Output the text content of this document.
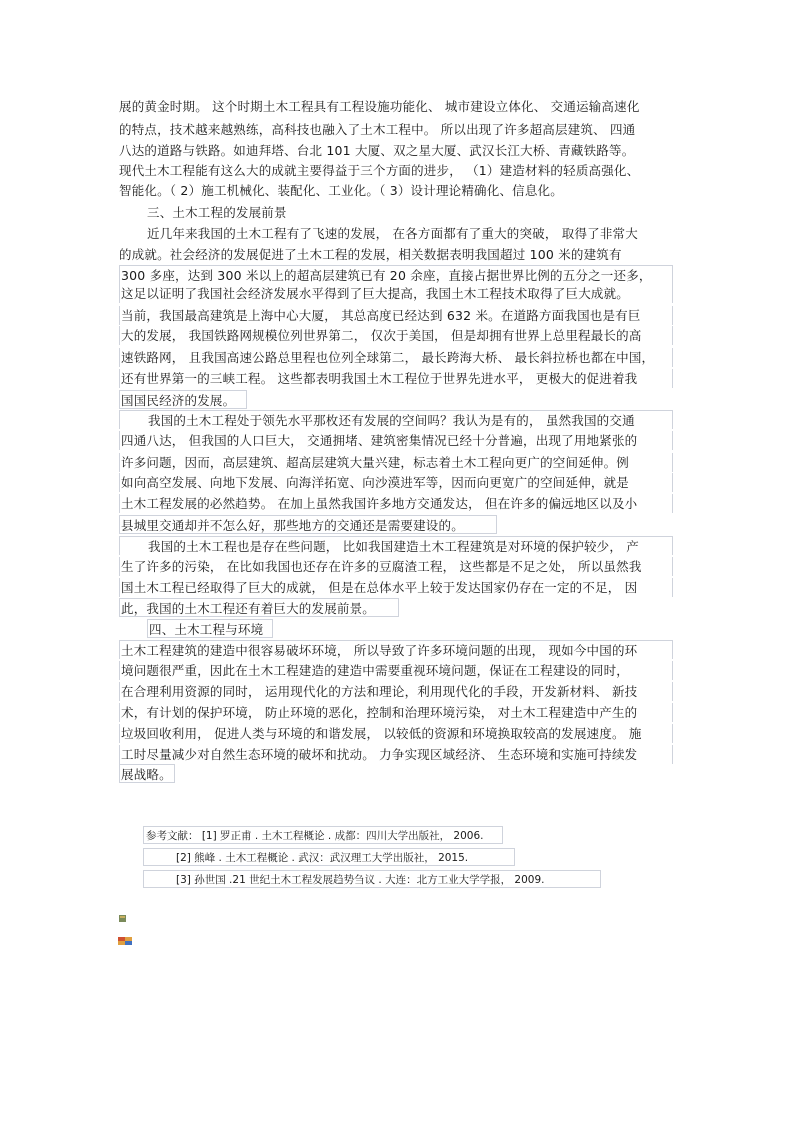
展的黄金时期。 这个时期土木工程具有工程设施功能化、 城市建设立体化、 交通运输高速化
的特点，技术越来越熟练，高科技也融入了土木工程中。 所以出现了许多超高层建筑、 四通
八达的道路与铁路。如迪拜塔、台北 101 大厦、双之星大厦、武汉长江大桥、青藏铁路等。
现代土木工程能有这么大的成就主要得益于三个方面的进步， （1）建造材料的轻质高强化、
智能化。（ 2）施工机械化、装配化、工业化。（ 3）设计理论精确化、信息化。
三、土木工程的发展前景
近几年来我国的土木工程有了飞速的发展， 在各方面都有了重大的突破， 取得了非常大
的成就。社会经济的发展促进了土木工程的发展，相关数据表明我国超过 100 米的建筑有
300 多座，达到 300 米以上的超高层建筑已有 20 余座，直接占据世界比例的五分之一还多，
这足以证明了我国社会经济发展水平得到了巨大提高，我国土木工程技术取得了巨大成就。
当前，我国最高建筑是上海中心大厦， 其总高度已经达到 632 米。在道路方面我国也是有巨
大的发展， 我国铁路网规模位列世界第二， 仅次于美国， 但是却拥有世界上总里程最长的高
速铁路网， 且我国高速公路总里程也位列全球第二， 最长跨海大桥、 最长斜拉桥也都在中国，
还有世界第一的三峡工程。 这些都表明我国土木工程位于世界先进水平， 更极大的促进着我
国国民经济的发展。
我国的土木工程处于领先水平那枚还有发展的空间吗？我认为是有的， 虽然我国的交通
四通八达， 但我国的人口巨大， 交通拥堵、建筑密集情况已经十分普遍，出现了用地紧张的
许多问题，因而，高层建筑、超高层建筑大量兴建，标志着土木工程向更广的空间延伸。例
如向高空发展、向地下发展、向海洋拓宽、向沙漠进军等，因而向更宽广的空间延伸，就是
土木工程发展的必然趋势。 在加上虽然我国许多地方交通发达， 但在许多的偏远地区以及小
县城里交通却并不怎么好，那些地方的交通还是需要建设的。
我国的土木工程也是存在些问题， 比如我国建造土木工程建筑是对环境的保护较少， 产
生了许多的污染， 在比如我国也还存在许多的豆腐渣工程， 这些都是不足之处， 所以虽然我
国土木工程已经取得了巨大的成就， 但是在总体水平上较于发达国家仍存在一定的不足， 因
此，我国的土木工程还有着巨大的发展前景。
四、土木工程与环境
土木工程建筑的建造中很容易破坏环境， 所以导致了许多环境问题的出现， 现如今中国的环
境问题很严重，因此在土木工程建造的建造中需要重视环境问题，保证在工程建设的同时，
在合理利用资源的同时， 运用现代化的方法和理论，利用现代化的手段，开发新材料、 新技
术，有计划的保护环境， 防止环境的恶化，控制和治理环境污染， 对土木工程建造中产生的
垃圾回收利用， 促进人类与环境的和谐发展， 以较低的资源和环境换取较高的发展速度。 施
工时尽量减少对自然生态环境的破坏和扰动。 力争实现区域经济、 生态环境和实施可持续发
展战略。
参考文献： [1] 罗正甫 . 土木工程概论 . 成都：四川大学出版社， 2006.
[2] 熊峰 . 土木工程概论 . 武汉：武汉理工大学出版社， 2015.
[3] 孙世国 .21 世纪土木工程发展趋势刍议 . 大连：北方工业大学学报， 2009.
